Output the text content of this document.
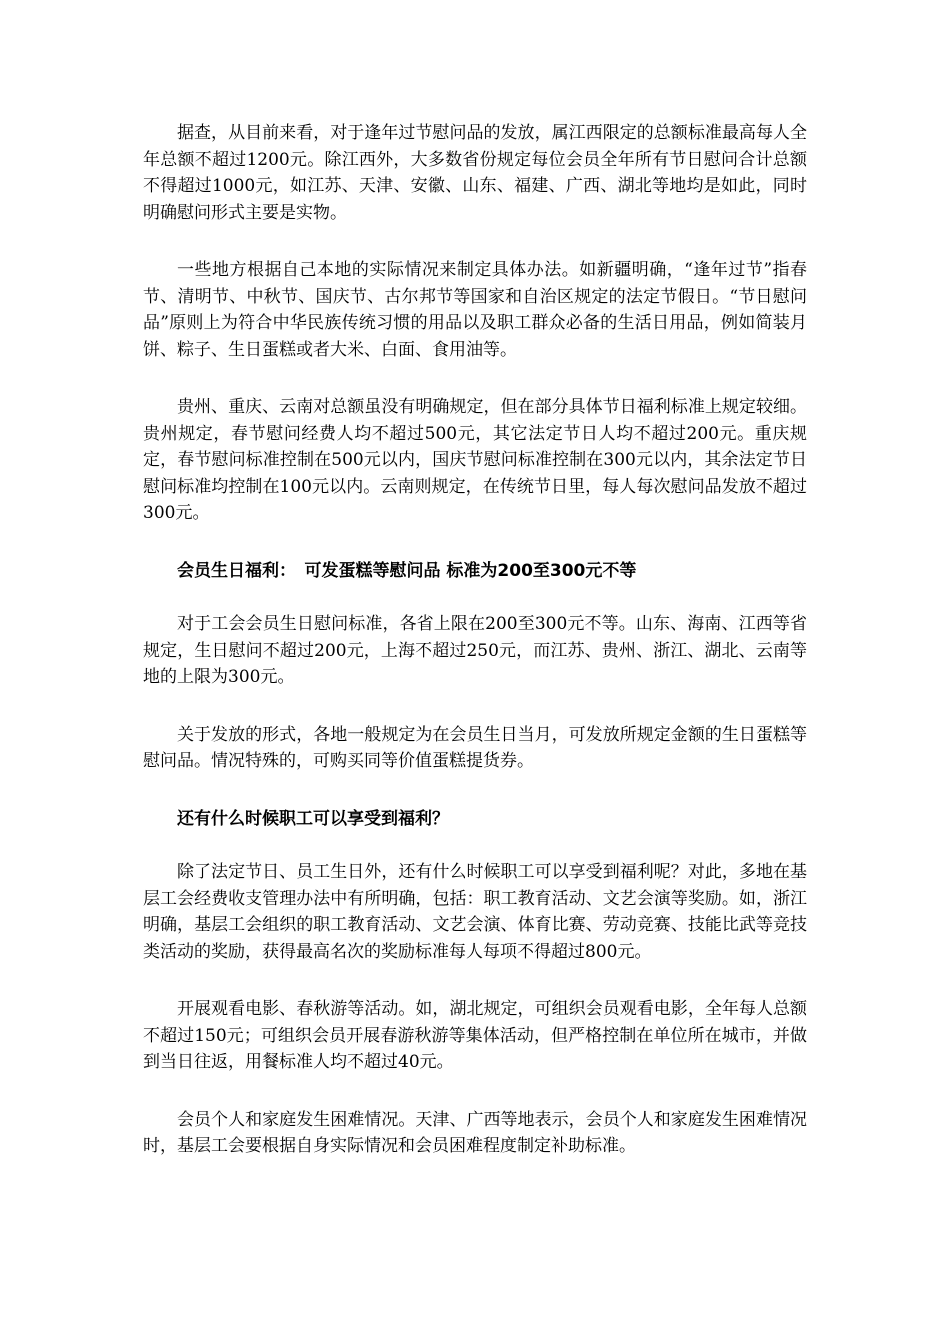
据查，从目前来看，对于逢年过节慰问品的发放，属江西限定的总额标准最高每人全年总额不超过1200元。除江西外，大多数省份规定每位会员全年所有节日慰问合计总额不得超过1000元，如江苏、天津、安徽、山东、福建、广西、湖北等地均是如此，同时明确慰问形式主要是实物。

一些地方根据自己本地的实际情况来制定具体办法。如新疆明确，“逢年过节”指春节、清明节、中秋节、国庆节、古尔邦节等国家和自治区规定的法定节假日。“节日慰问品”原则上为符合中华民族传统习惯的用品以及职工群众必备的生活日用品，例如简装月饼、粽子、生日蛋糕或者大米、白面、食用油等。

贵州、重庆、云南对总额虽没有明确规定，但在部分具体节日福利标准上规定较细。贵州规定，春节慰问经费人均不超过500元，其它法定节日人均不超过200元。重庆规定，春节慰问标准控制在500元以内，国庆节慰问标准控制在300元以内，其余法定节日慰问标准均控制在100元以内。云南则规定，在传统节日里，每人每次慰问品发放不超过300元。

会员生日福利：　可发蛋糕等慰问品 标准为200至300元不等

对于工会会员生日慰问标准，各省上限在200至300元不等。山东、海南、江西等省规定，生日慰问不超过200元，上海不超过250元，而江苏、贵州、浙江、湖北、云南等地的上限为300元。

关于发放的形式，各地一般规定为在会员生日当月，可发放所规定金额的生日蛋糕等慰问品。情况特殊的，可购买同等价值蛋糕提货券。

还有什么时候职工可以享受到福利？

除了法定节日、员工生日外，还有什么时候职工可以享受到福利呢？对此，多地在基层工会经费收支管理办法中有所明确，包括：职工教育活动、文艺会演等奖励。如，浙江明确，基层工会组织的职工教育活动、文艺会演、体育比赛、劳动竞赛、技能比武等竞技类活动的奖励，获得最高名次的奖励标准每人每项不得超过800元。

开展观看电影、春秋游等活动。如，湖北规定，可组织会员观看电影，全年每人总额不超过150元；可组织会员开展春游秋游等集体活动，但严格控制在单位所在城市，并做到当日往返，用餐标准人均不超过40元。

会员个人和家庭发生困难情况。天津、广西等地表示，会员个人和家庭发生困难情况时，基层工会要根据自身实际情况和会员困难程度制定补助标准。
